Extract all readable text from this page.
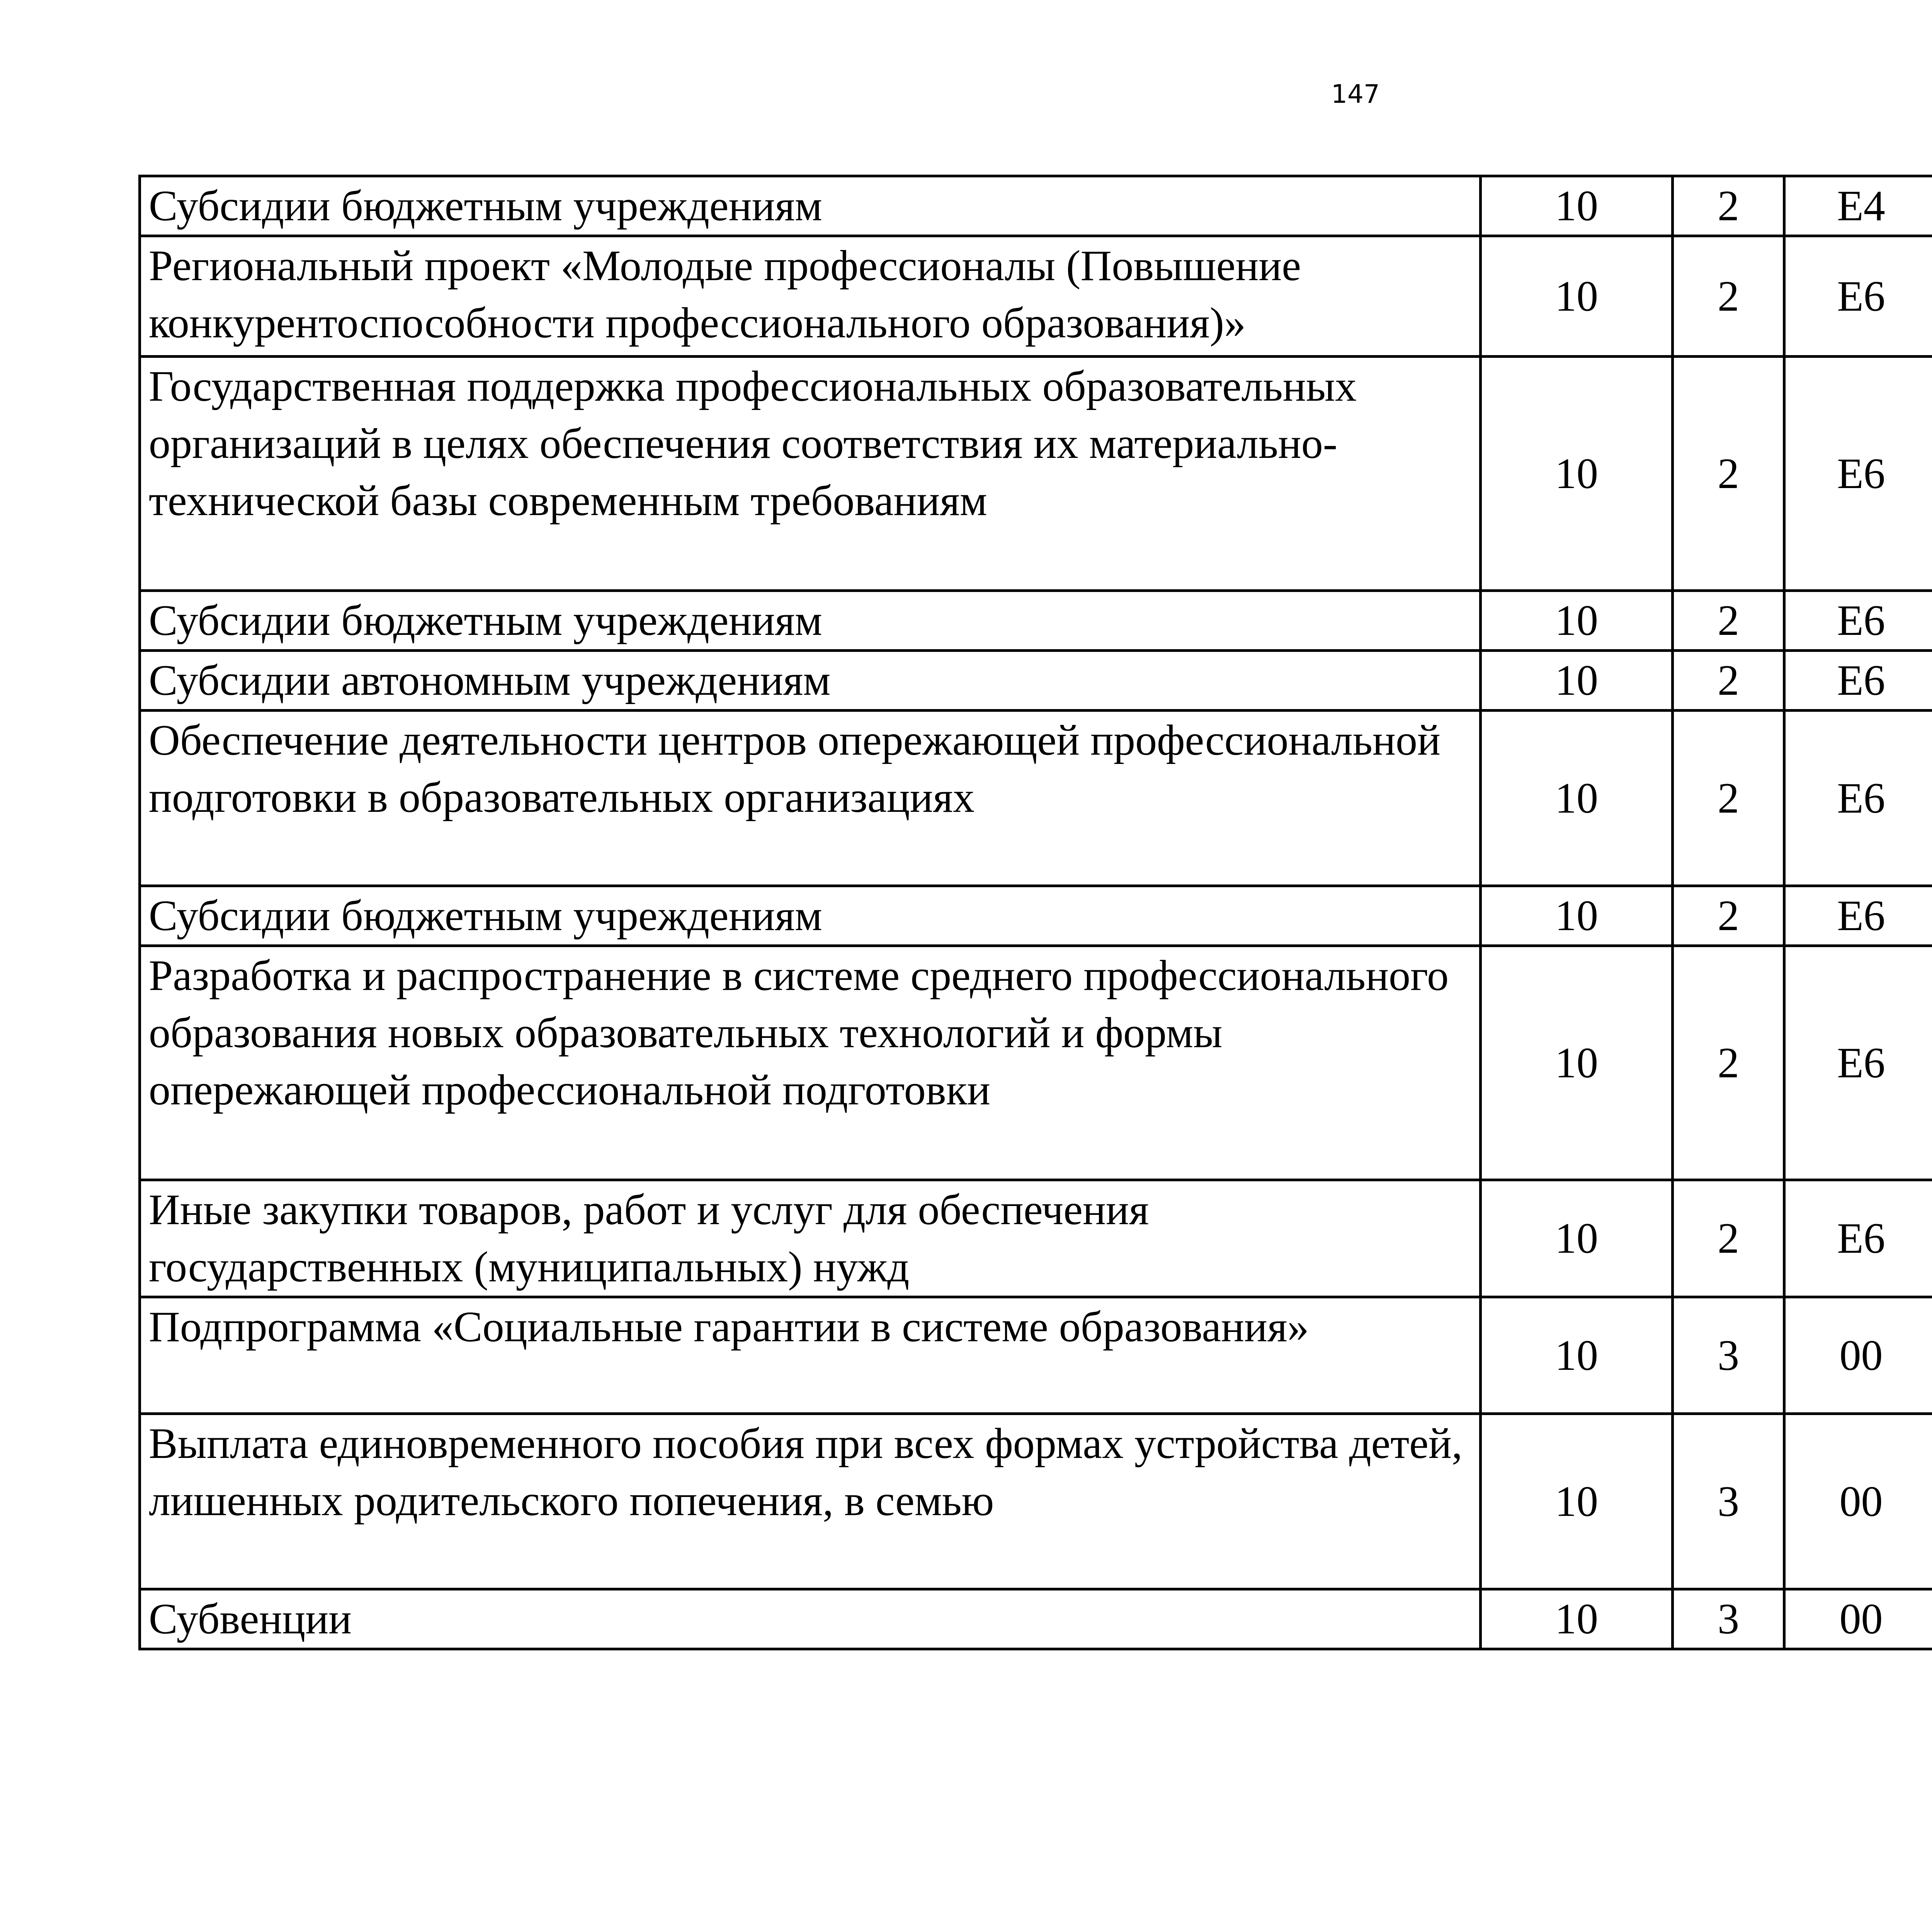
147
Субсидии бюджетным учреждениям	10	2	Е4			
Региональный проект «Молодые профессионалы (Повышение конкурентоспособности профессионального образования)»	10	2	Е6			
Государственная поддержка профессиональных образовательных организаций в целях обеспечения соответствия их материально-технической базы современным требованиям	10	2	Е6			
Субсидии бюджетным учреждениям	10	2	Е6			
Субсидии автономным учреждениям	10	2	Е6			
Обеспечение деятельности центров опережающей профессиональной подготовки в образовательных организациях	10	2	Е6			
Субсидии бюджетным учреждениям	10	2	Е6			
Разработка и распространение в системе среднего профессионального образования новых образовательных технологий и формы опережающей профессиональной подготовки	10	2	Е6			
Иные закупки товаров, работ и услуг для обеспечения государственных (муниципальных) нужд	10	2	Е6			
Подпрограмма «Социальные гарантии в системе образования»	10	3	00			
Выплата единовременного пособия при всех формах устройства детей, лишенных родительского попечения, в семью	10	3	00			
Субвенции	10	3	00			
